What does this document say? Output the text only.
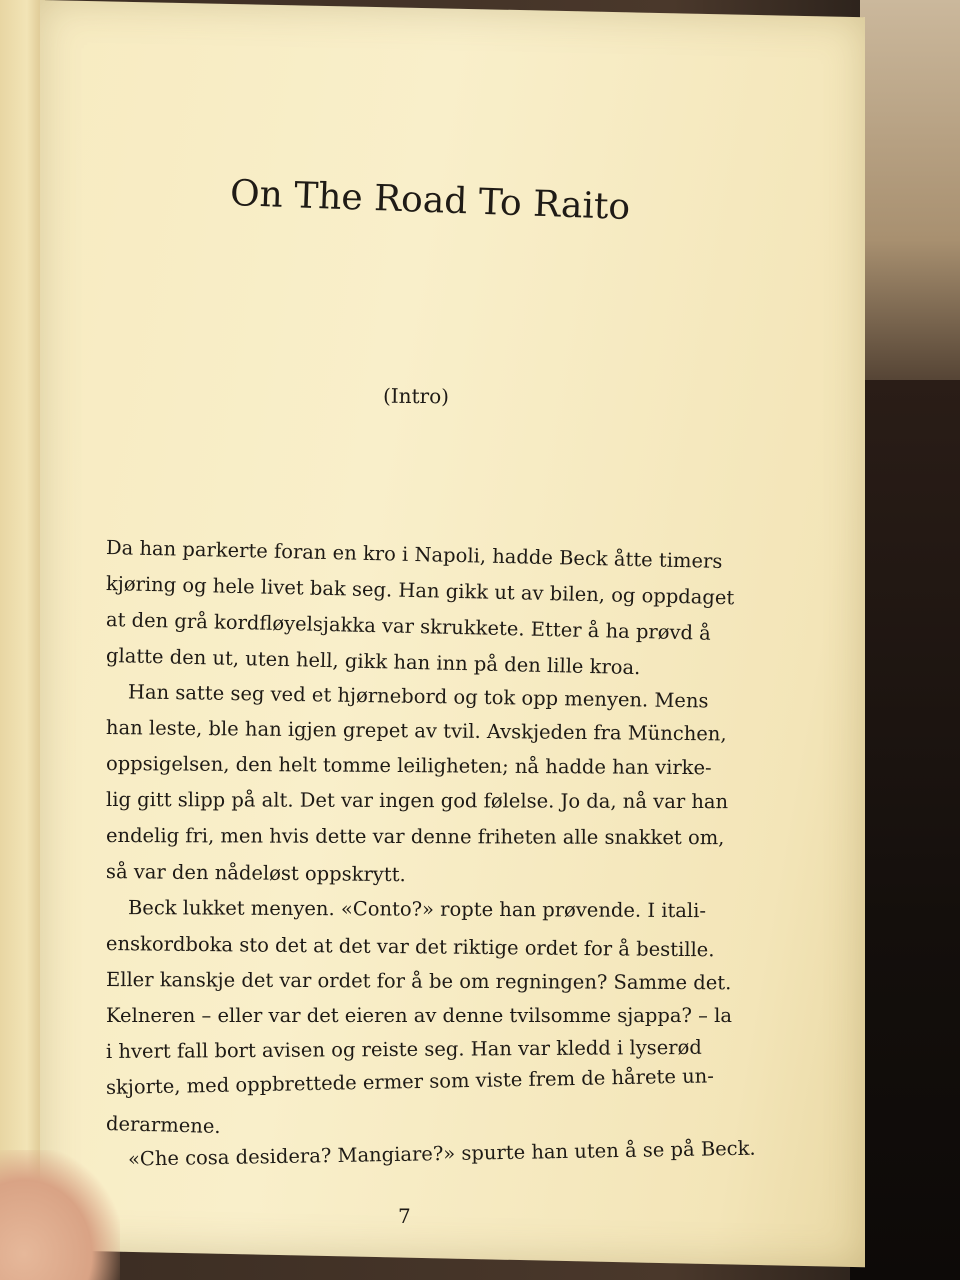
On The Road To Raito
(Intro)
Da han parkerte foran en kro i Napoli, hadde Beck åtte timers
kjøring og hele livet bak seg. Han gikk ut av bilen, og oppdaget
at den grå kordfløyelsjakka var skrukkete. Etter å ha prøvd å
glatte den ut, uten hell, gikk han inn på den lille kroa.
Han satte seg ved et hjørnebord og tok opp menyen. Mens
han leste, ble han igjen grepet av tvil. Avskjeden fra München,
oppsigelsen, den helt tomme leiligheten; nå hadde han virke-
lig gitt slipp på alt. Det var ingen god følelse. Jo da, nå var han
endelig fri, men hvis dette var denne friheten alle snakket om,
så var den nådeløst oppskrytt.
Beck lukket menyen. «Conto?» ropte han prøvende. I itali-
enskordboka sto det at det var det riktige ordet for å bestille.
Eller kanskje det var ordet for å be om regningen? Samme det.
Kelneren – eller var det eieren av denne tvilsomme sjappa? – la
i hvert fall bort avisen og reiste seg. Han var kledd i lyserød
skjorte, med oppbrettede ermer som viste frem de hårete un-
derarmene.
«Che cosa desidera? Mangiare?» spurte han uten å se på Beck.
7
